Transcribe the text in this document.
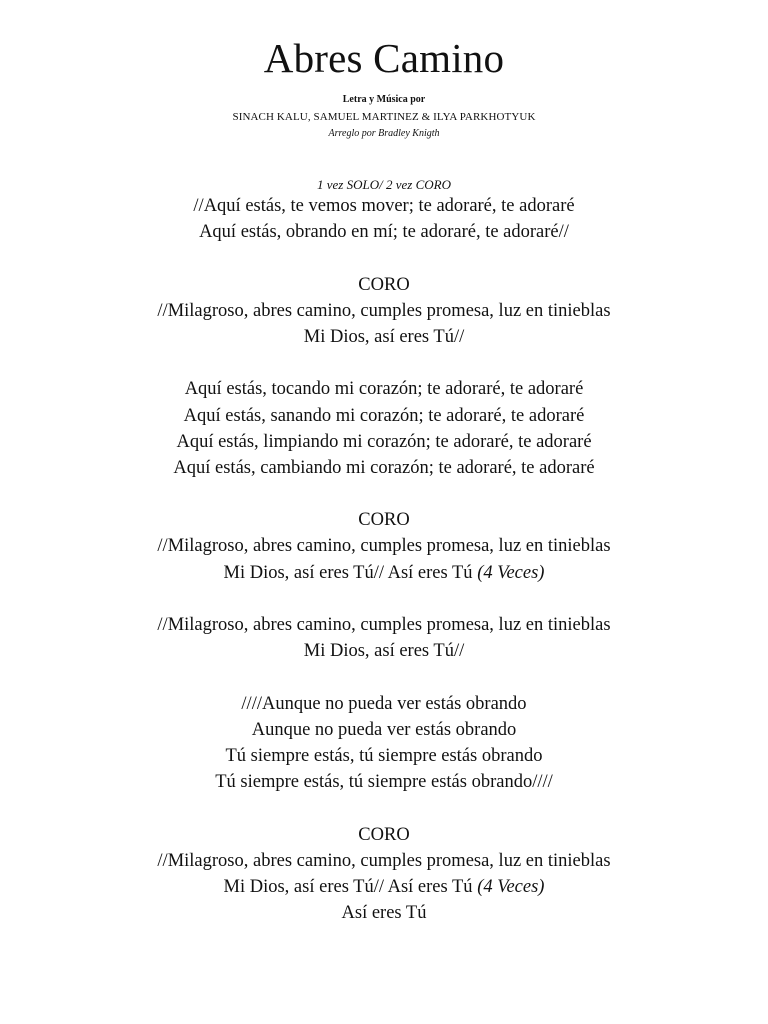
Abres Camino
Letra y Música por
SINACH KALU, SAMUEL MARTINEZ & ILYA PARKHOTYUK
Arreglo por Bradley Knigth
1 vez SOLO/ 2 vez CORO
//Aquí estás, te vemos mover; te adoraré, te adoraré
Aquí estás, obrando en mí; te adoraré, te adoraré//
CORO
//Milagroso, abres camino, cumples promesa, luz en tinieblas
Mi Dios, así eres Tú//
Aquí estás, tocando mi corazón; te adoraré, te adoraré
Aquí estás, sanando mi corazón; te adoraré, te adoraré
Aquí estás, limpiando mi corazón; te adoraré, te adoraré
Aquí estás, cambiando mi corazón; te adoraré, te adoraré
CORO
//Milagroso, abres camino, cumples promesa, luz en tinieblas
Mi Dios, así eres Tú// Así eres Tú (4 Veces)
//Milagroso, abres camino, cumples promesa, luz en tinieblas
Mi Dios, así eres Tú//
////Aunque no pueda ver estás obrando
Aunque no pueda ver estás obrando
Tú siempre estás, tú siempre estás obrando
Tú siempre estás, tú siempre estás obrando////
CORO
//Milagroso, abres camino, cumples promesa, luz en tinieblas
Mi Dios, así eres Tú// Así eres Tú (4 Veces)
Así eres Tú
